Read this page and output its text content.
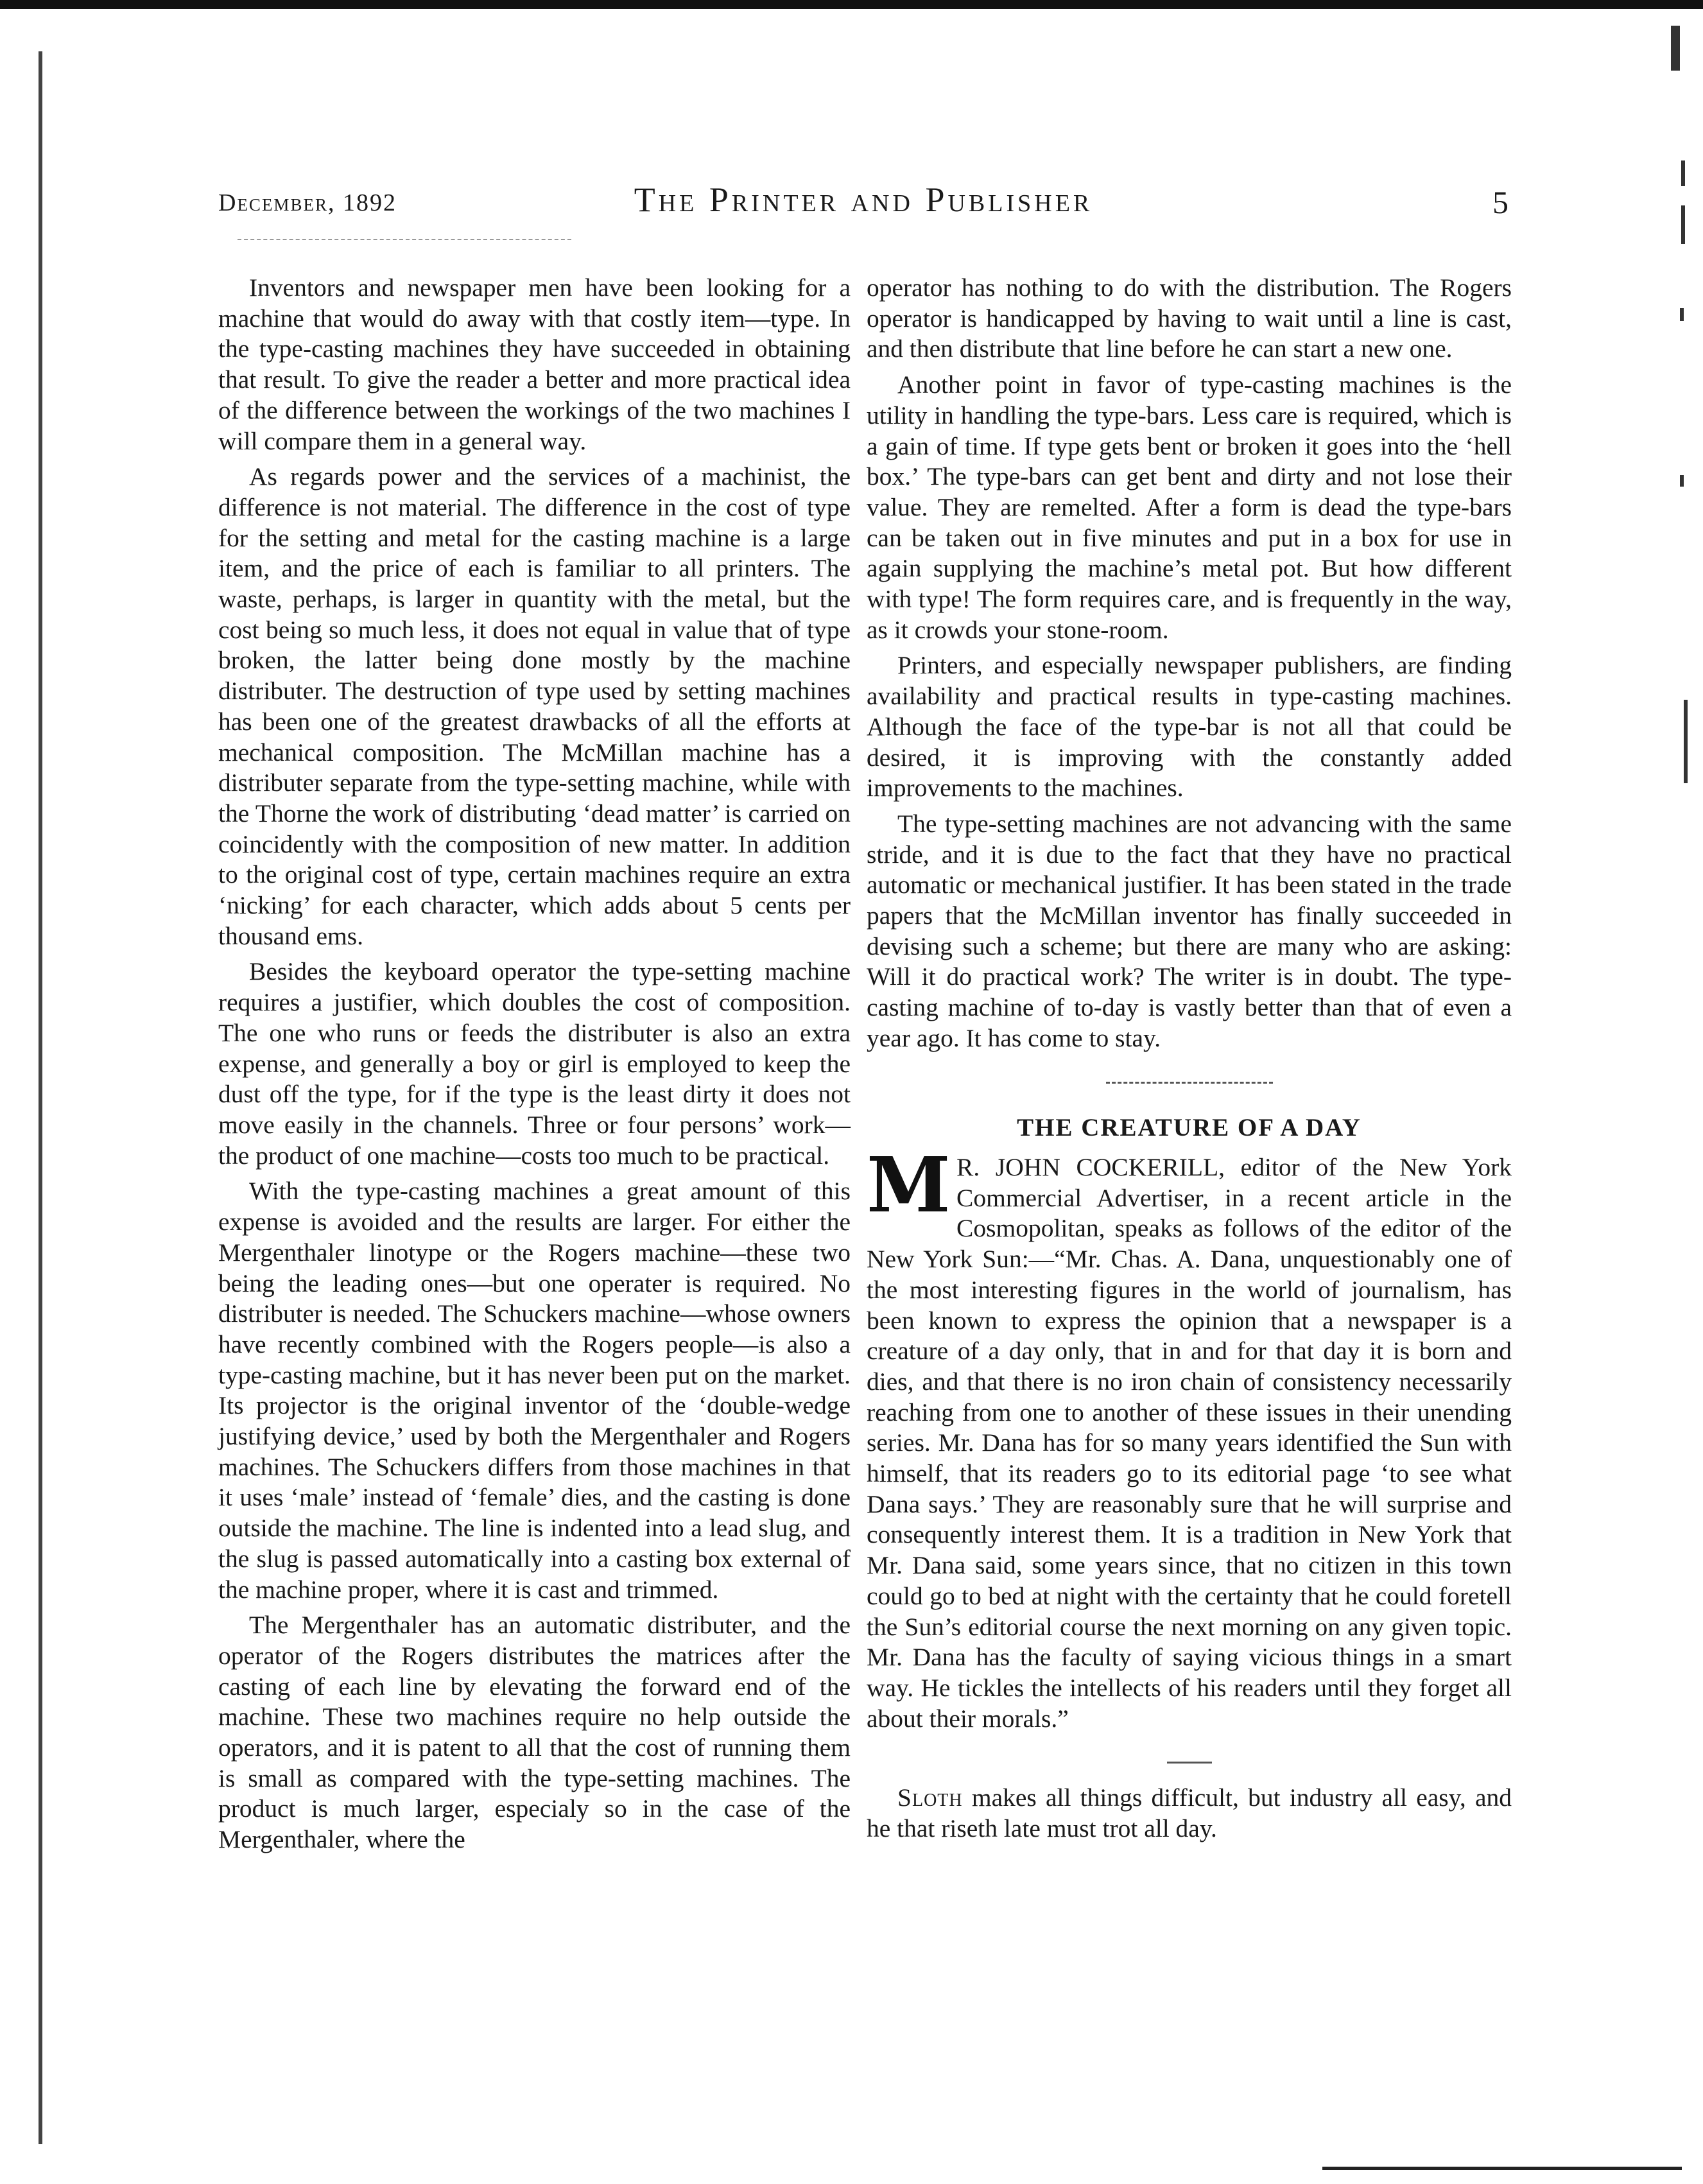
December, 1892	The Printer and Publisher	5

Inventors and newspaper men have been looking for a machine that would do away with that costly item—type. In the type-casting machines they have succeeded in obtaining that result. To give the reader a better and more practical idea of the difference between the workings of the two machines I will compare them in a general way.

As regards power and the services of a machinist, the difference is not material. The difference in the cost of type for the setting and metal for the casting machine is a large item, and the price of each is familiar to all printers. The waste, perhaps, is larger in quantity with the metal, but the cost being so much less, it does not equal in value that of type broken, the latter being done mostly by the machine distributer. The destruction of type used by setting machines has been one of the greatest drawbacks of all the efforts at mechanical composition. The McMillan machine has a distributer separate from the type-setting machine, while with the Thorne the work of distributing ‘dead matter’ is carried on coincidently with the composition of new matter. In addition to the original cost of type, certain machines require an extra ‘nicking’ for each character, which adds about 5 cents per thousand ems.

Besides the keyboard operator the type-setting machine requires a justifier, which doubles the cost of composition. The one who runs or feeds the distributer is also an extra expense, and generally a boy or girl is employed to keep the dust off the type, for if the type is the least dirty it does not move easily in the channels. Three or four persons’ work—the product of one machine—costs too much to be practical.

With the type-casting machines a great amount of this expense is avoided and the results are larger. For either the Mergenthaler linotype or the Rogers machine—these two being the leading ones—but one operater is required. No distributer is needed. The Schuckers machine—whose owners have recently combined with the Rogers people—is also a type-casting machine, but it has never been put on the market. Its projector is the original inventor of the ‘double-wedge justifying device,’ used by both the Mergenthaler and Rogers machines. The Schuckers differs from those machines in that it uses ‘male’ instead of ‘female’ dies, and the casting is done outside the machine. The line is indented into a lead slug, and the slug is passed automatically into a casting box external of the machine proper, where it is cast and trimmed.

The Mergenthaler has an automatic distributer, and the operator of the Rogers distributes the matrices after the casting of each line by elevating the forward end of the machine. These two machines require no help outside the operators, and it is patent to all that the cost of running them is small as compared with the type-setting machines. The product is much larger, especialy so in the case of the Mergenthaler, where the

operator has nothing to do with the distribution. The Rogers operator is handicapped by having to wait until a line is cast, and then distribute that line before he can start a new one.

Another point in favor of type-casting machines is the utility in handling the type-bars. Less care is required, which is a gain of time. If type gets bent or broken it goes into the ‘hell box.’ The type-bars can get bent and dirty and not lose their value. They are remelted. After a form is dead the type-bars can be taken out in five minutes and put in a box for use in again supplying the machine’s metal pot. But how different with type! The form requires care, and is frequently in the way, as it crowds your stone-room.

Printers, and especially newspaper publishers, are finding availability and practical results in type-casting machines. Although the face of the type-bar is not all that could be desired, it is improving with the constantly added improvements to the machines.

The type-setting machines are not advancing with the same stride, and it is due to the fact that they have no practical automatic or mechanical justifier. It has been stated in the trade papers that the McMillan inventor has finally succeeded in devising such a scheme; but there are many who are asking: Will it do practical work? The writer is in doubt. The type-casting machine of to-day is vastly better than that of even a year ago. It has come to stay.

THE CREATURE OF A DAY

M R. JOHN COCKERILL, editor of the New York Commercial Advertiser, in a recent article in the Cosmopolitan, speaks as follows of the editor of the New York Sun:—“Mr. Chas. A. Dana, unquestionably one of the most interesting figures in the world of journalism, has been known to express the opinion that a newspaper is a creature of a day only, that in and for that day it is born and dies, and that there is no iron chain of consistency necessarily reaching from one to another of these issues in their unending series. Mr. Dana has for so many years identified the Sun with himself, that its readers go to its editorial page ‘to see what Dana says.’ They are reasonably sure that he will surprise and consequently interest them. It is a tradition in New York that Mr. Dana said, some years since, that no citizen in this town could go to bed at night with the certainty that he could foretell the Sun’s editorial course the next morning on any given topic. Mr. Dana has the faculty of saying vicious things in a smart way. He tickles the intellects of his readers until they forget all about their morals.”

Sloth makes all things difficult, but industry all easy, and he that riseth late must trot all day.
